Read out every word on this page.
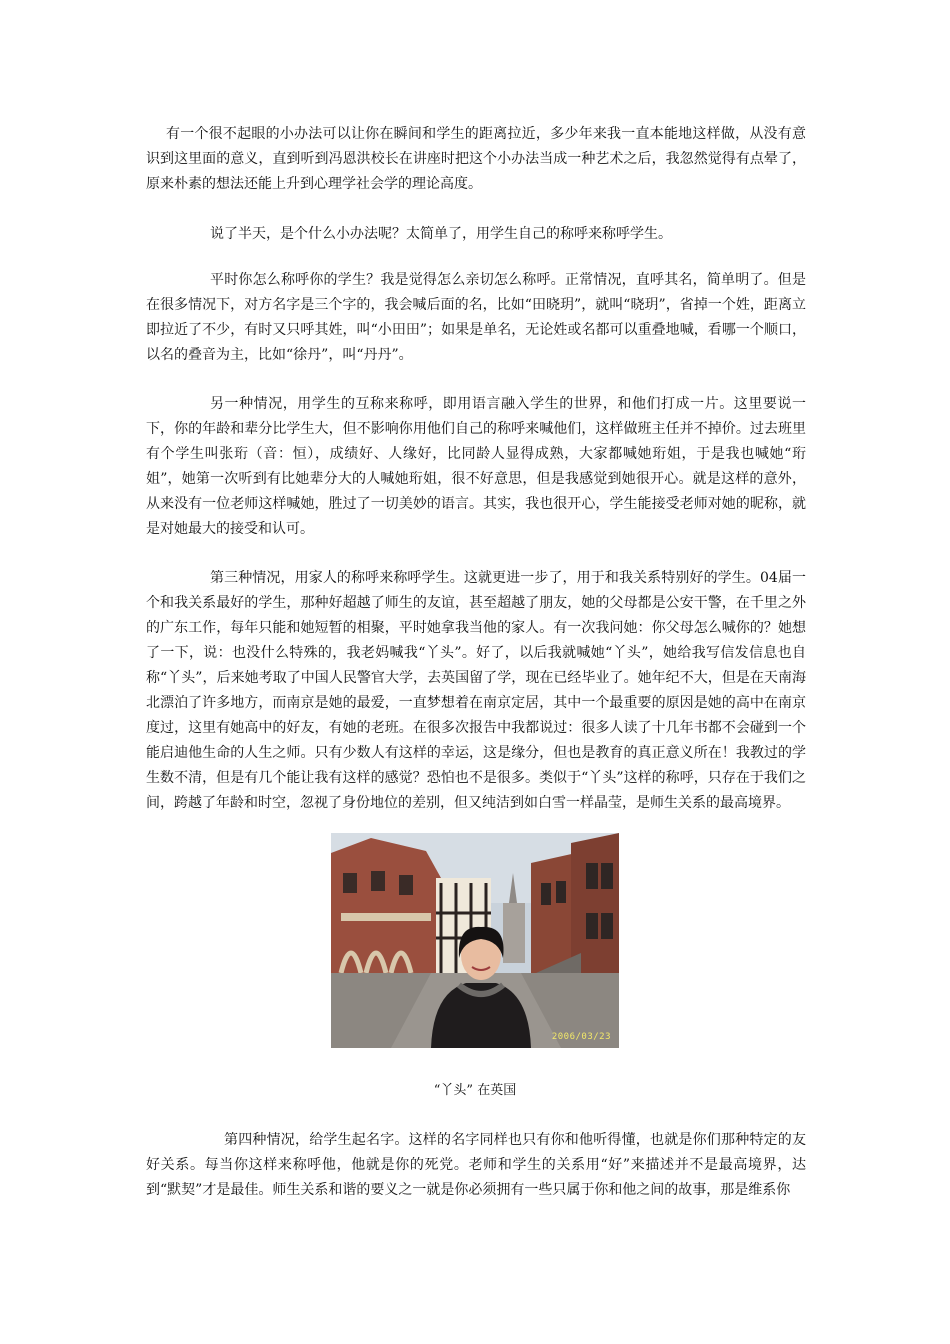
有一个很不起眼的小办法可以让你在瞬间和学生的距离拉近，多少年来我一直本能地这样做，从没有意识到这里面的意义，直到听到冯恩洪校长在讲座时把这个小办法当成一种艺术之后，我忽然觉得有点晕了，原来朴素的想法还能上升到心理学社会学的理论高度。

说了半天，是个什么小办法呢？太简单了，用学生自己的称呼来称呼学生。

平时你怎么称呼你的学生？我是觉得怎么亲切怎么称呼。正常情况，直呼其名，简单明了。但是在很多情况下，对方名字是三个字的，我会喊后面的名，比如“田晓玥”，就叫“晓玥”，省掉一个姓，距离立即拉近了不少，有时又只呼其姓，叫“小田田”；如果是单名，无论姓或名都可以重叠地喊，看哪一个顺口，以名的叠音为主，比如“徐丹”，叫“丹丹”。

另一种情况，用学生的互称来称呼，即用语言融入学生的世界，和他们打成一片。这里要说一下，你的年龄和辈分比学生大，但不影响你用他们自己的称呼来喊他们，这样做班主任并不掉价。过去班里有个学生叫张珩（音：恒），成绩好、人缘好，比同龄人显得成熟，大家都喊她珩姐，于是我也喊她“珩姐”，她第一次听到有比她辈分大的人喊她珩姐，很不好意思，但是我感觉到她很开心。就是这样的意外，从来没有一位老师这样喊她，胜过了一切美妙的语言。其实，我也很开心，学生能接受老师对她的昵称，就是对她最大的接受和认可。

第三种情况，用家人的称呼来称呼学生。这就更进一步了，用于和我关系特别好的学生。04届一个和我关系最好的学生，那种好超越了师生的友谊，甚至超越了朋友，她的父母都是公安干警，在千里之外的广东工作，每年只能和她短暂的相聚，平时她拿我当他的家人。有一次我问她：你父母怎么喊你的？她想了一下，说：也没什么特殊的，我老妈喊我“丫头”。好了，以后我就喊她“丫头”，她给我写信发信息也自称“丫头”，后来她考取了中国人民警官大学，去英国留了学，现在已经毕业了。她年纪不大，但是在天南海北漂泊了许多地方，而南京是她的最爱，一直梦想着在南京定居，其中一个最重要的原因是她的高中在南京度过，这里有她高中的好友，有她的老班。在很多次报告中我都说过：很多人读了十几年书都不会碰到一个能启迪他生命的人生之师。只有少数人有这样的幸运，这是缘分，但也是教育的真正意义所在！我教过的学生数不清，但是有几个能让我有这样的感觉？恐怕也不是很多。类似于“丫头”这样的称呼，只存在于我们之间，跨越了年龄和时空，忽视了身份地位的差别，但又纯洁到如白雪一样晶莹，是师生关系的最高境界。

2006/03/23
“丫头” 在英国

第四种情况，给学生起名字。这样的名字同样也只有你和他听得懂，也就是你们那种特定的友好关系。每当你这样来称呼他，他就是你的死党。老师和学生的关系用“好”来描述并不是最高境界，达到“默契”才是最佳。师生关系和谐的要义之一就是你必须拥有一些只属于你和他之间的故事，那是维系你
